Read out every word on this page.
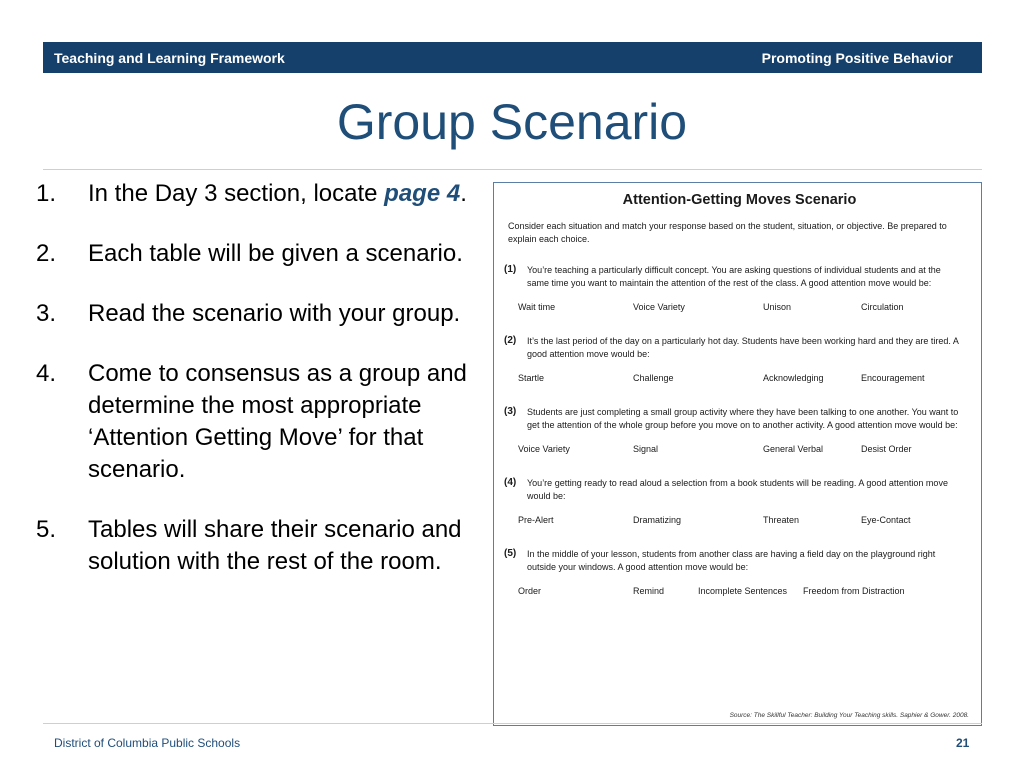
Teaching and Learning Framework	Promoting Positive Behavior
Group Scenario
1.	In the Day 3 section, locate page 4.
2.	Each table will be given a scenario.
3.	Read the scenario with your group.
4.	Come to consensus as a group and determine the most appropriate ‘Attention Getting Move’ for that scenario.
5.	Tables will share their scenario and solution with the rest of the room.
Attention-Getting Moves Scenario
Consider each situation and match your response based on the student, situation, or objective. Be prepared to explain each choice.
(1)	You’re teaching a particularly difficult concept. You are asking questions of individual students and at the same time you want to maintain the attention of the rest of the class. A good attention move would be:
Wait time	Voice Variety	Unison	Circulation
(2)	It’s the last period of the day on a particularly hot day. Students have been working hard and they are tired. A good attention move would be:
Startle	Challenge	Acknowledging	Encouragement
(3)	Students are just completing a small group activity where they have been talking to one another. You want to get the attention of the whole group before you move on to another activity. A good attention move would be:
Voice Variety	Signal	General Verbal	Desist Order
(4)	You’re getting ready to read aloud a selection from a book students will be reading. A good attention move would be:
Pre-Alert	Dramatizing	Threaten	Eye-Contact
(5)	In the middle of your lesson, students from another class are having a field day on the playground right outside your windows. A good attention move would be:
Order	Remind	Incomplete Sentences	Freedom from Distraction
Source: The Skillful Teacher: Building Your Teaching skills. Saphier & Gower. 2008.
District of Columbia Public Schools	21
